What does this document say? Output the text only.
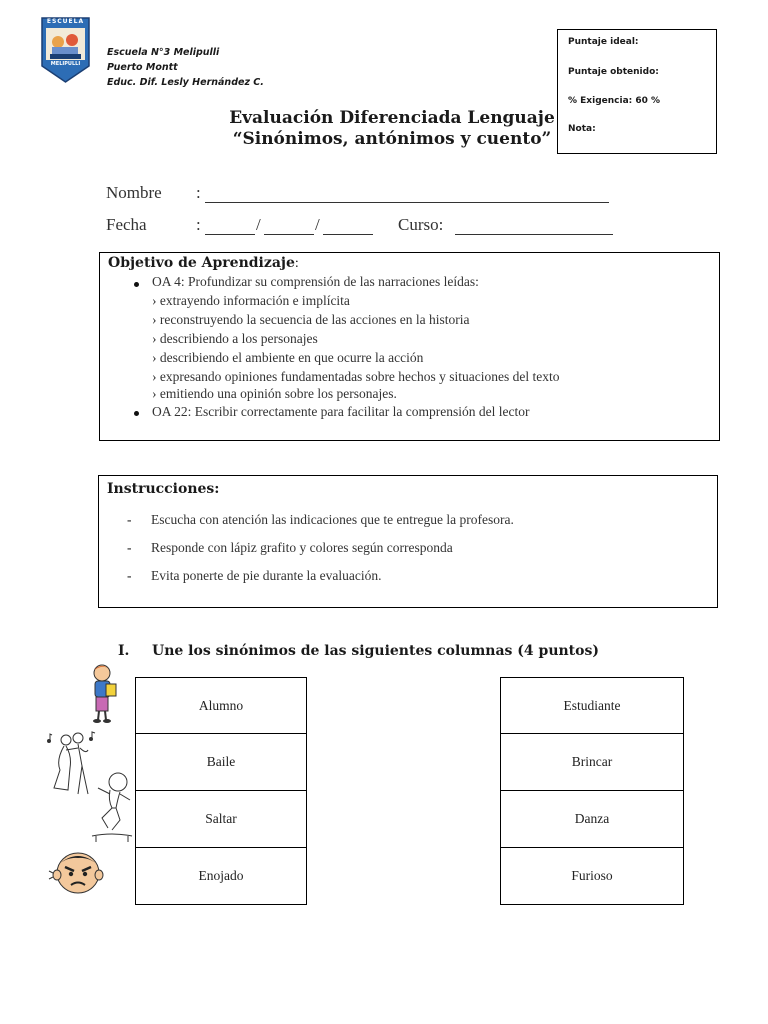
ESCUELA
MELIPULLI
Escuela N°3 Melipulli
Puerto Montt
Educ. Dif. Lesly Hernández C.
Puntaje ideal:
Puntaje obtenido:
% Exigencia: 60 %
Nota:
Evaluación Diferenciada Lenguaje
“Sinónimos, antónimos y cuento”
Nombre :
Fecha	:	/	/	Curso:
Objetivo de Aprendizaje:
OA 4: Profundizar su comprensión de las narraciones leídas:
› extrayendo información e implícita
› reconstruyendo la secuencia de las acciones en la historia
› describiendo a los personajes
› describiendo el ambiente en que ocurre la acción
› expresando opiniones fundamentadas sobre hechos y situaciones del texto
› emitiendo una opinión sobre los personajes.
OA 22: Escribir correctamente para facilitar la comprensión del lector
Instrucciones:
- Escucha con atención las indicaciones que te entregue la profesora.
- Responde con lápiz grafito y colores según corresponda
- Evita ponerte de pie durante la evaluación.
I. Une los sinónimos de las siguientes columnas (4 puntos)
Alumno
Baile
Saltar
Enojado
Estudiante
Brincar
Danza
Furioso
